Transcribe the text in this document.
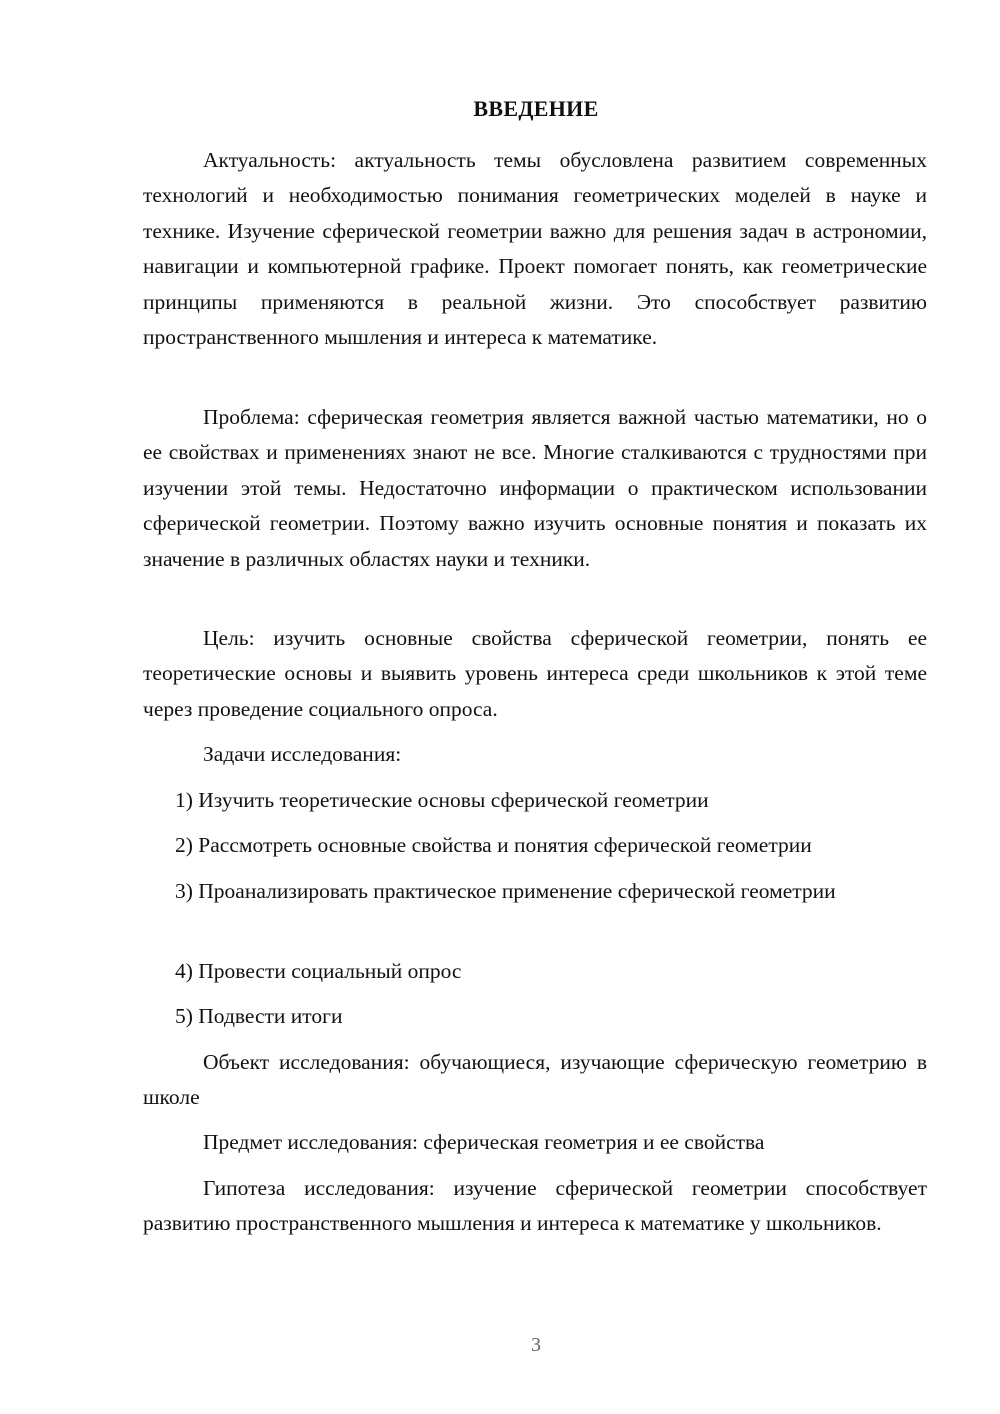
ВВЕДЕНИЕ

Актуальность: актуальность темы обусловлена развитием современных технологий и необходимостью понимания геометрических моделей в науке и технике. Изучение сферической геометрии важно для решения задач в астрономии, навигации и компьютерной графике. Проект помогает понять, как геометрические принципы применяются в реальной жизни. Это способствует развитию пространственного мышления и интереса к математике.

Проблема: сферическая геометрия является важной частью математики, но о ее свойствах и применениях знают не все. Многие сталкиваются с трудностями при изучении этой темы. Недостаточно информации о практическом использовании сферической геометрии. Поэтому важно изучить основные понятия и показать их значение в различных областях науки и техники.

Цель: изучить основные свойства сферической геометрии, понять ее теоретические основы и выявить уровень интереса среди школьников к этой теме через проведение социального опроса.

Задачи исследования:

1) Изучить теоретические основы сферической геометрии

2) Рассмотреть основные свойства и понятия сферической геометрии

3) Проанализировать практическое применение сферической геометрии

4) Провести социальный опрос

5) Подвести итоги

Объект исследования: обучающиеся, изучающие сферическую геометрию в школе

Предмет исследования: сферическая геометрия и ее свойства

Гипотеза исследования: изучение сферической геометрии способствует развитию пространственного мышления и интереса к математике у школьников.

3
